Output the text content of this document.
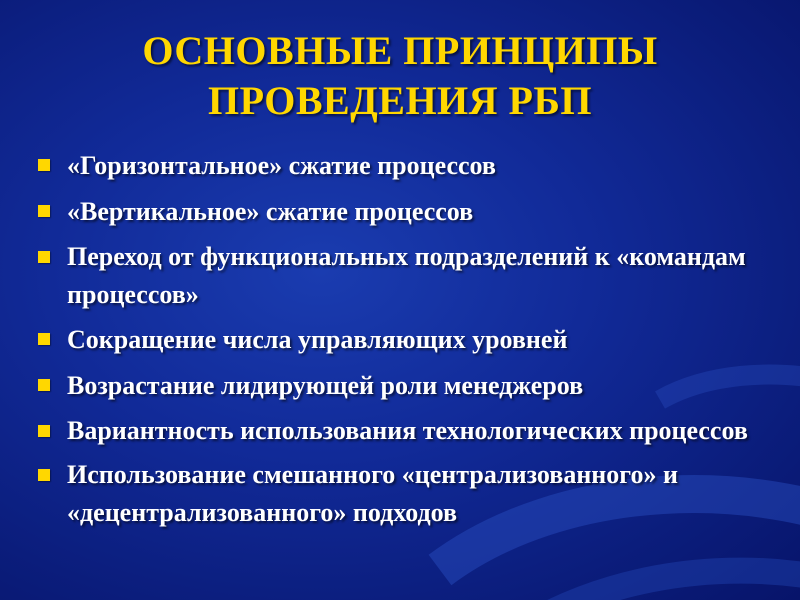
ОСНОВНЫЕ ПРИНЦИПЫ
ПРОВЕДЕНИЯ РБП
«Горизонтальное» сжатие процессов
«Вертикальное» сжатие процессов
Переход от функциональных подразделений к «командам процессов»
Сокращение числа управляющих уровней
Возрастание лидирующей роли менеджеров
Вариантность использования технологических процессов
Использование смешанного «централизованного» и «децентрализованного» подходов
